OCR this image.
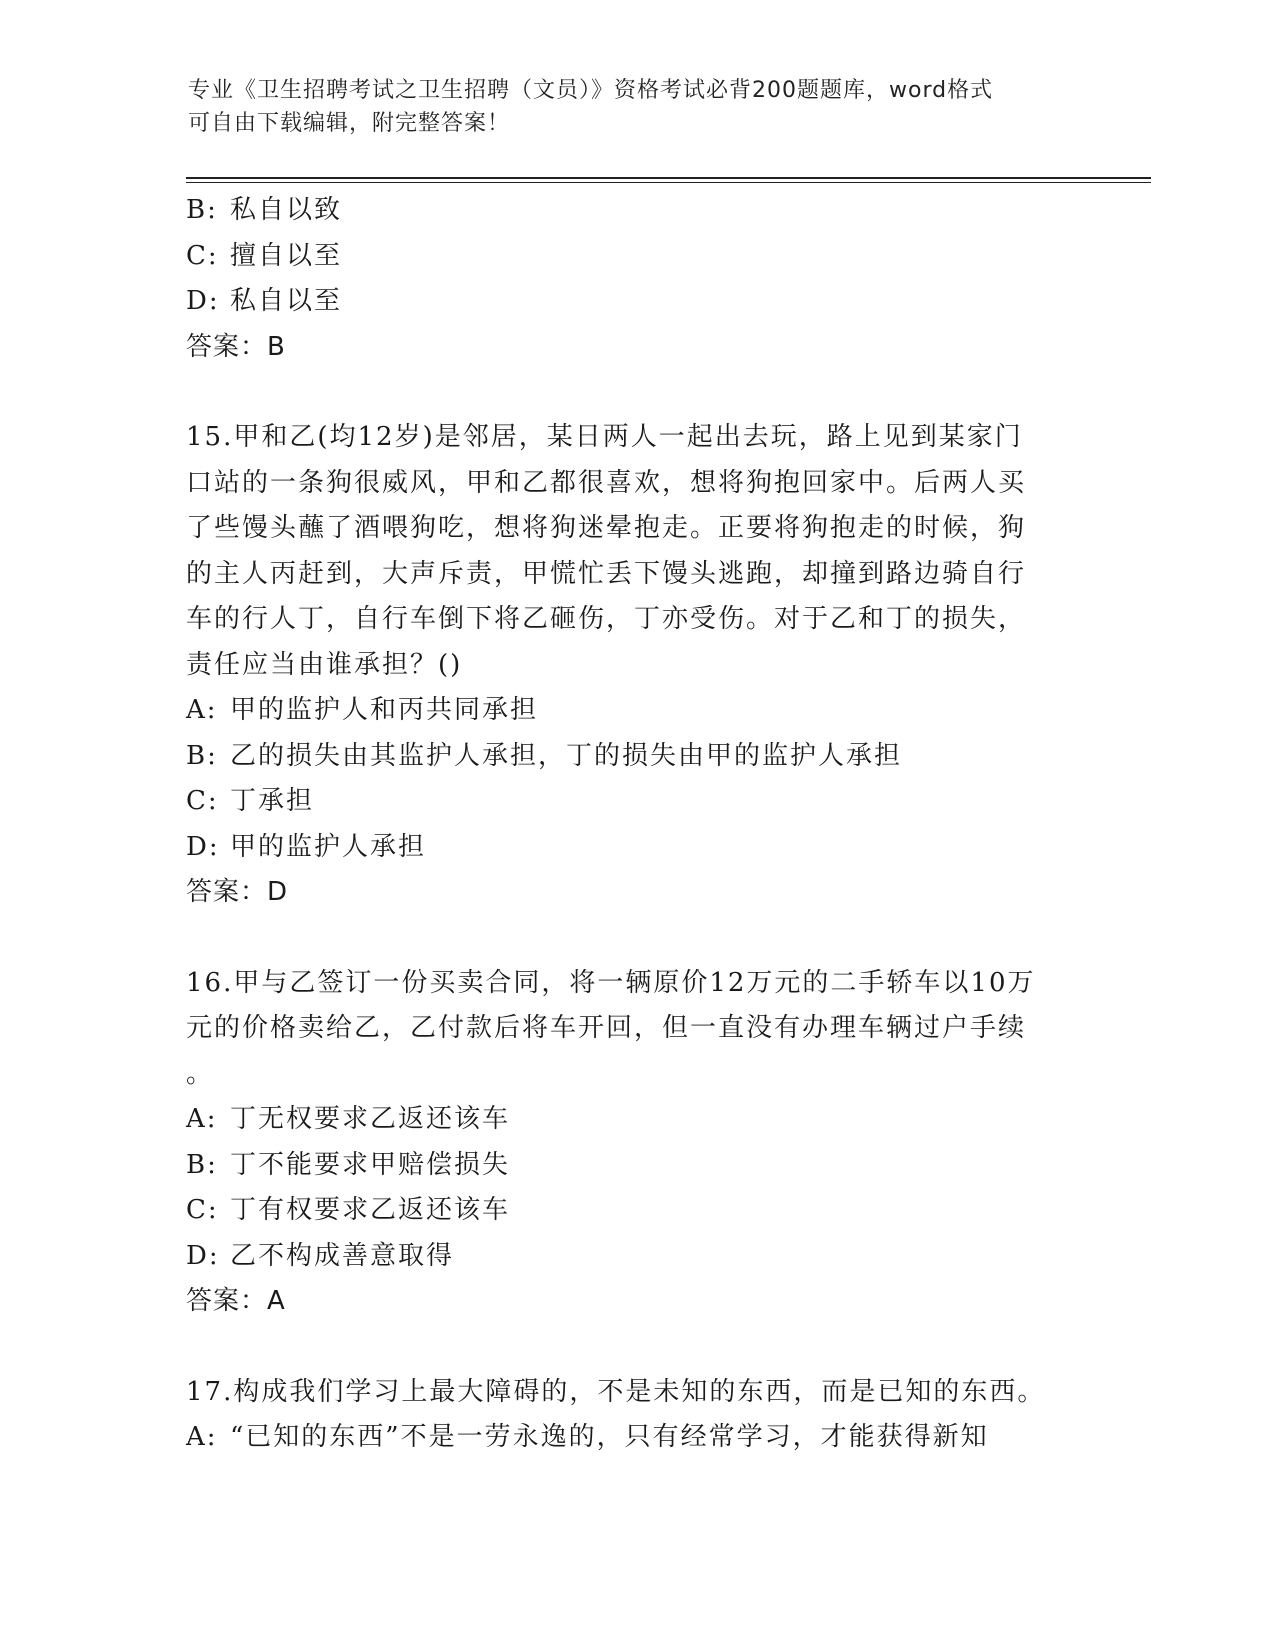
专业《卫生招聘考试之卫生招聘（文员）》资格考试必背200题题库，word格式
可自由下载编辑，附完整答案！
B: 私自以致
C: 擅自以至
D: 私自以至
答案：B
15.甲和乙(均12岁)是邻居，某日两人一起出去玩，路上见到某家门
口站的一条狗很威风，甲和乙都很喜欢，想将狗抱回家中。后两人买
了些馒头蘸了酒喂狗吃，想将狗迷晕抱走。正要将狗抱走的时候，狗
的主人丙赶到，大声斥责，甲慌忙丢下馒头逃跑，却撞到路边骑自行
车的行人丁，自行车倒下将乙砸伤，丁亦受伤。对于乙和丁的损失，
责任应当由谁承担？()
A: 甲的监护人和丙共同承担
B: 乙的损失由其监护人承担，丁的损失由甲的监护人承担
C: 丁承担
D: 甲的监护人承担
答案：D
16.甲与乙签订一份买卖合同，将一辆原价12万元的二手轿车以10万
元的价格卖给乙，乙付款后将车开回，但一直没有办理车辆过户手续
。
A: 丁无权要求乙返还该车
B: 丁不能要求甲赔偿损失
C: 丁有权要求乙返还该车
D: 乙不构成善意取得
答案：A
17.构成我们学习上最大障碍的，不是未知的东西，而是已知的东西。
A: “已知的东西”不是一劳永逸的，只有经常学习，才能获得新知
